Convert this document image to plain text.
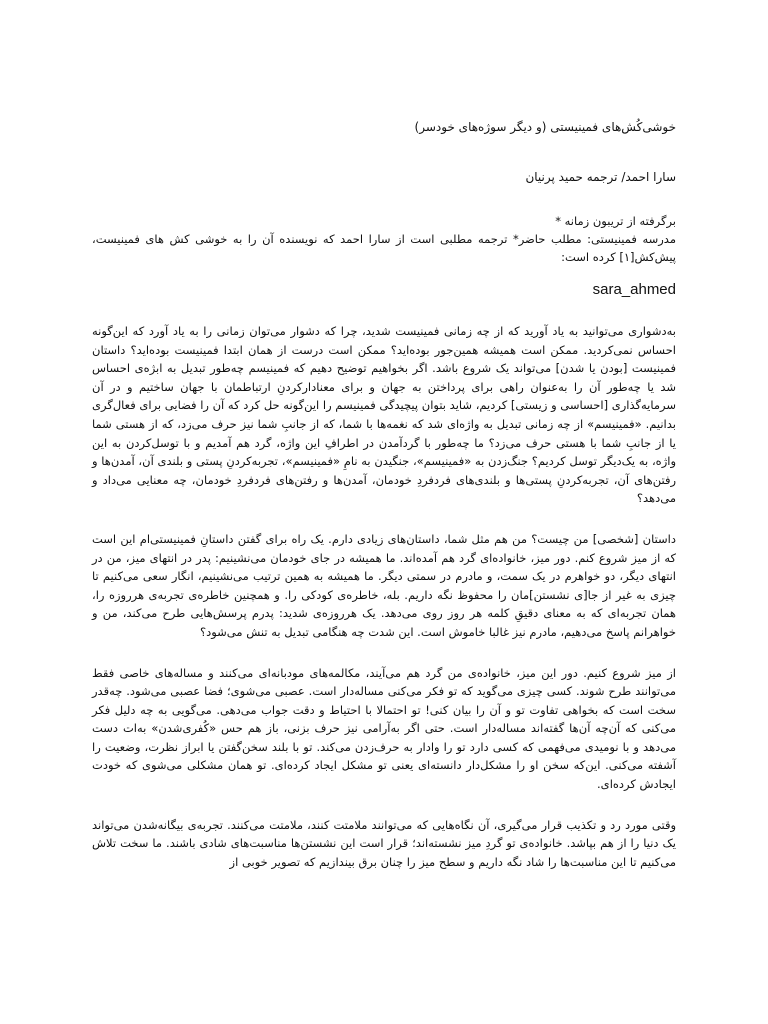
خوشی‌کُش‌های فمینیستی (و دیگر سوژه‌های خودسر)
سارا احمد/ ترجمه حمید پرنیان

برگرفته از تریبون زمانه *

مدرسه فمینیستی: مطلب حاضر* ترجمه مطلبی است از سارا احمد که نویسنده آن را به خوشی کش های فمینیست، پیش‌کش[۱] کرده است:

sara_ahmed

به‌دشواری می‌توانید به یاد آورید که از چه زمانی فمینیست شدید، چرا که دشوار می‌توان زمانی را به یاد آورد که این‌گونه احساس نمی‌کردید. ممکن است همیشه همین‌جور بوده‌اید؟ ممکن است درست از همان ابتدا فمینیست بوده‌اید؟ داستان فمینیست [بودن یا شدن] می‌تواند یک شروع باشد. اگر بخواهیم توضیح دهیم که فمینیسم چه‌طور تبدیل به ابژه‌ی احساس شد یا چه‌طور آن را به‌عنوان راهی برای پرداختن به جهان و برای معنادارکردنِ ارتباطمان با جهان ساختیم و در آن سرمایه‌گذاری [احساسی و زیستی] کردیم، شاید بتوان پیچیدگی فمینیسم را این‌گونه حل کرد که آن را فضایی برای فعال‌گری بدانیم. «فمینیسم» از چه زمانی تبدیل به واژه‌ای شد که نغمه‌ها با شما، که از جانبِ شما نیز حرف می‌زد، که از هستی شما یا از جانبِ شما با هستی حرف می‌زد؟ ما چه‌طور با گردآمدن در اطرافِ این واژه، گرد هم آمدیم و با توسل‌کردن به این واژه، به یک‌دیگر توسل کردیم؟ جنگ‌زدن به «فمینیسم»، جنگیدن به نامِ «فمینیسم»، تجربه‌کردنِ پستی و بلندی آن، آمدن‌ها و رفتن‌های آن، تجربه‌کردنِ پستی‌ها و بلندی‌های فردفردِ خودمان، آمدن‌ها و رفتن‌های فردفردِ خودمان، چه معنایی می‌داد و می‌دهد؟

داستان [شخصی] من چیست؟ من هم مثل شما، داستان‌های زیادی دارم. یک راه برای گفتن داستانِ فمینیستی‌ام این است که از میز شروع کنم. دور میز، خانواده‌ای گرد هم آمده‌اند. ما همیشه در جای خودمان می‌نشینیم: پدر در انتهای میز، من در انتهای دیگر، دو خواهرم در یک سمت، و مادرم در سمتی دیگر. ما همیشه به همین ترتیب می‌نشینیم، انگار سعی می‌کنیم تا چیزی به غیر از جا[ی نشستن]مان را محفوظ نگه داریم. بله، خاطره‌ی کودکی را. و همچنین خاطره‌ی تجربه‌ی هرروزه را، همان تجربه‌ای که به معنای دقیقِ کلمه هر روز روی می‌دهد. یک هرروزه‌ی شدید: پدرم پرسش‌هایی طرح می‌کند، من و خواهرانم پاسخ می‌دهیم، مادرم نیز غالبا خاموش است. این شدت چه هنگامی تبدیل به تنش می‌شود؟

از میز شروع کنیم. دور این میز، خانواده‌ی من گرد هم می‌آیند، مکالمه‌های مودبانه‌ای می‌کنند و مساله‌های خاصی فقط می‌توانند طرح شوند. کسی چیزی می‌گوید که تو فکر می‌کنی مساله‌دار است. عصبی می‌شوی؛ فضا عصبی می‌شود. چه‌قدر سخت است که بخواهی تفاوت تو و آن را بیان کنی! تو احتمالا با احتیاط و دقت جواب می‌دهی. می‌گویی به چه دلیل فکر می‌کنی که آن‌چه آن‌ها گفته‌اند مساله‌دار است. حتی اگر به‌آرامی نیز حرف بزنی، باز هم حس «کُفری‌شدن» به‌ات دست می‌دهد و با نومیدی می‌فهمی که کسی دارد تو را وادار به حرف‌زدن می‌کند. تو با بلند سخن‌گفتن یا ابراز نظرت، وضعیت را آشفته می‌کنی. این‌که سخن او را مشکل‌دار دانسته‌ای یعنی تو مشکل ایجاد کرده‌ای. تو همان مشکلی می‌شوی که خودت ایجادش کرده‌ای.

وقتی مورد رد و تکذیب قرار می‌گیری، آن نگاه‌هایی که می‌توانند ملامتت کنند، ملامتت می‌کنند. تجربه‌ی بیگانه‌شدن می‌تواند یک دنیا را از هم بپاشد. خانواده‌ی تو گردِ میز نشسته‌اند؛ قرار است این نشستن‌ها مناسبت‌های شادی باشند. ما سخت تلاش می‌کنیم تا این مناسبت‌ها را شاد نگه داریم و سطح میز را چنان برق بیندازیم که تصویر خوبی از
